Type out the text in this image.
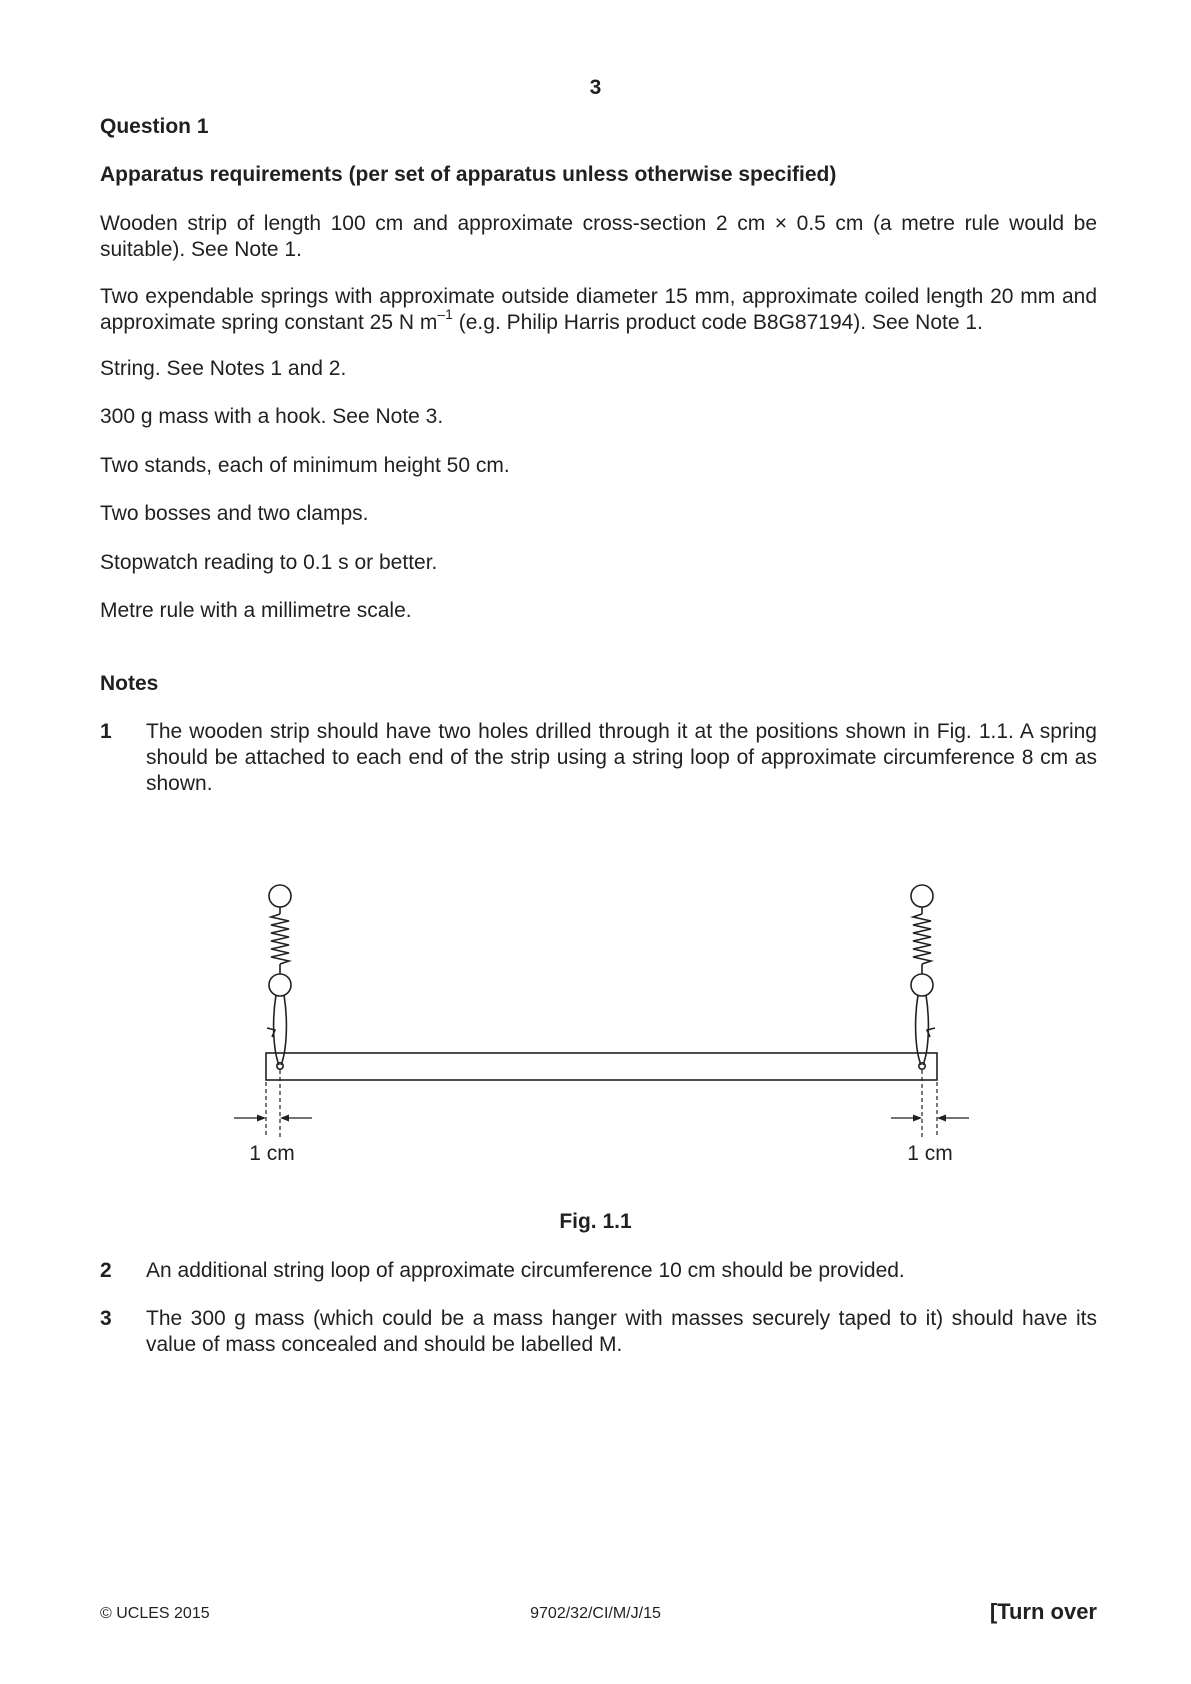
3

Question 1

Apparatus requirements (per set of apparatus unless otherwise specified)

Wooden strip of length 100 cm and approximate cross-section 2 cm × 0.5 cm (a metre rule would be suitable). See Note 1.

Two expendable springs with approximate outside diameter 15 mm, approximate coiled length 20 mm and approximate spring constant 25 N $m^{-1}$ (e.g. Philip Harris product code B8G87194). See Note 1.

String. See Notes 1 and 2.

300 g mass with a hook. See Note 3.

Two stands, each of minimum height 50 cm.

Two bosses and two clamps.

Stopwatch reading to 0.1 s or better.

Metre rule with a millimetre scale.

Notes

1 The wooden strip should have two holes drilled through it at the positions shown in Fig. 1.1. A spring should be attached to each end of the strip using a string loop of approximate circumference 8 cm as shown.

1 cm	1 cm
Fig. 1.1
2 An additional string loop of approximate circumference 10 cm should be provided.

3 The 300 g mass (which could be a mass hanger with masses securely taped to it) should have its value of mass concealed and should be labelled M.

© UCLES 2015	9702/32/CI/M/J/15	[Turn over
